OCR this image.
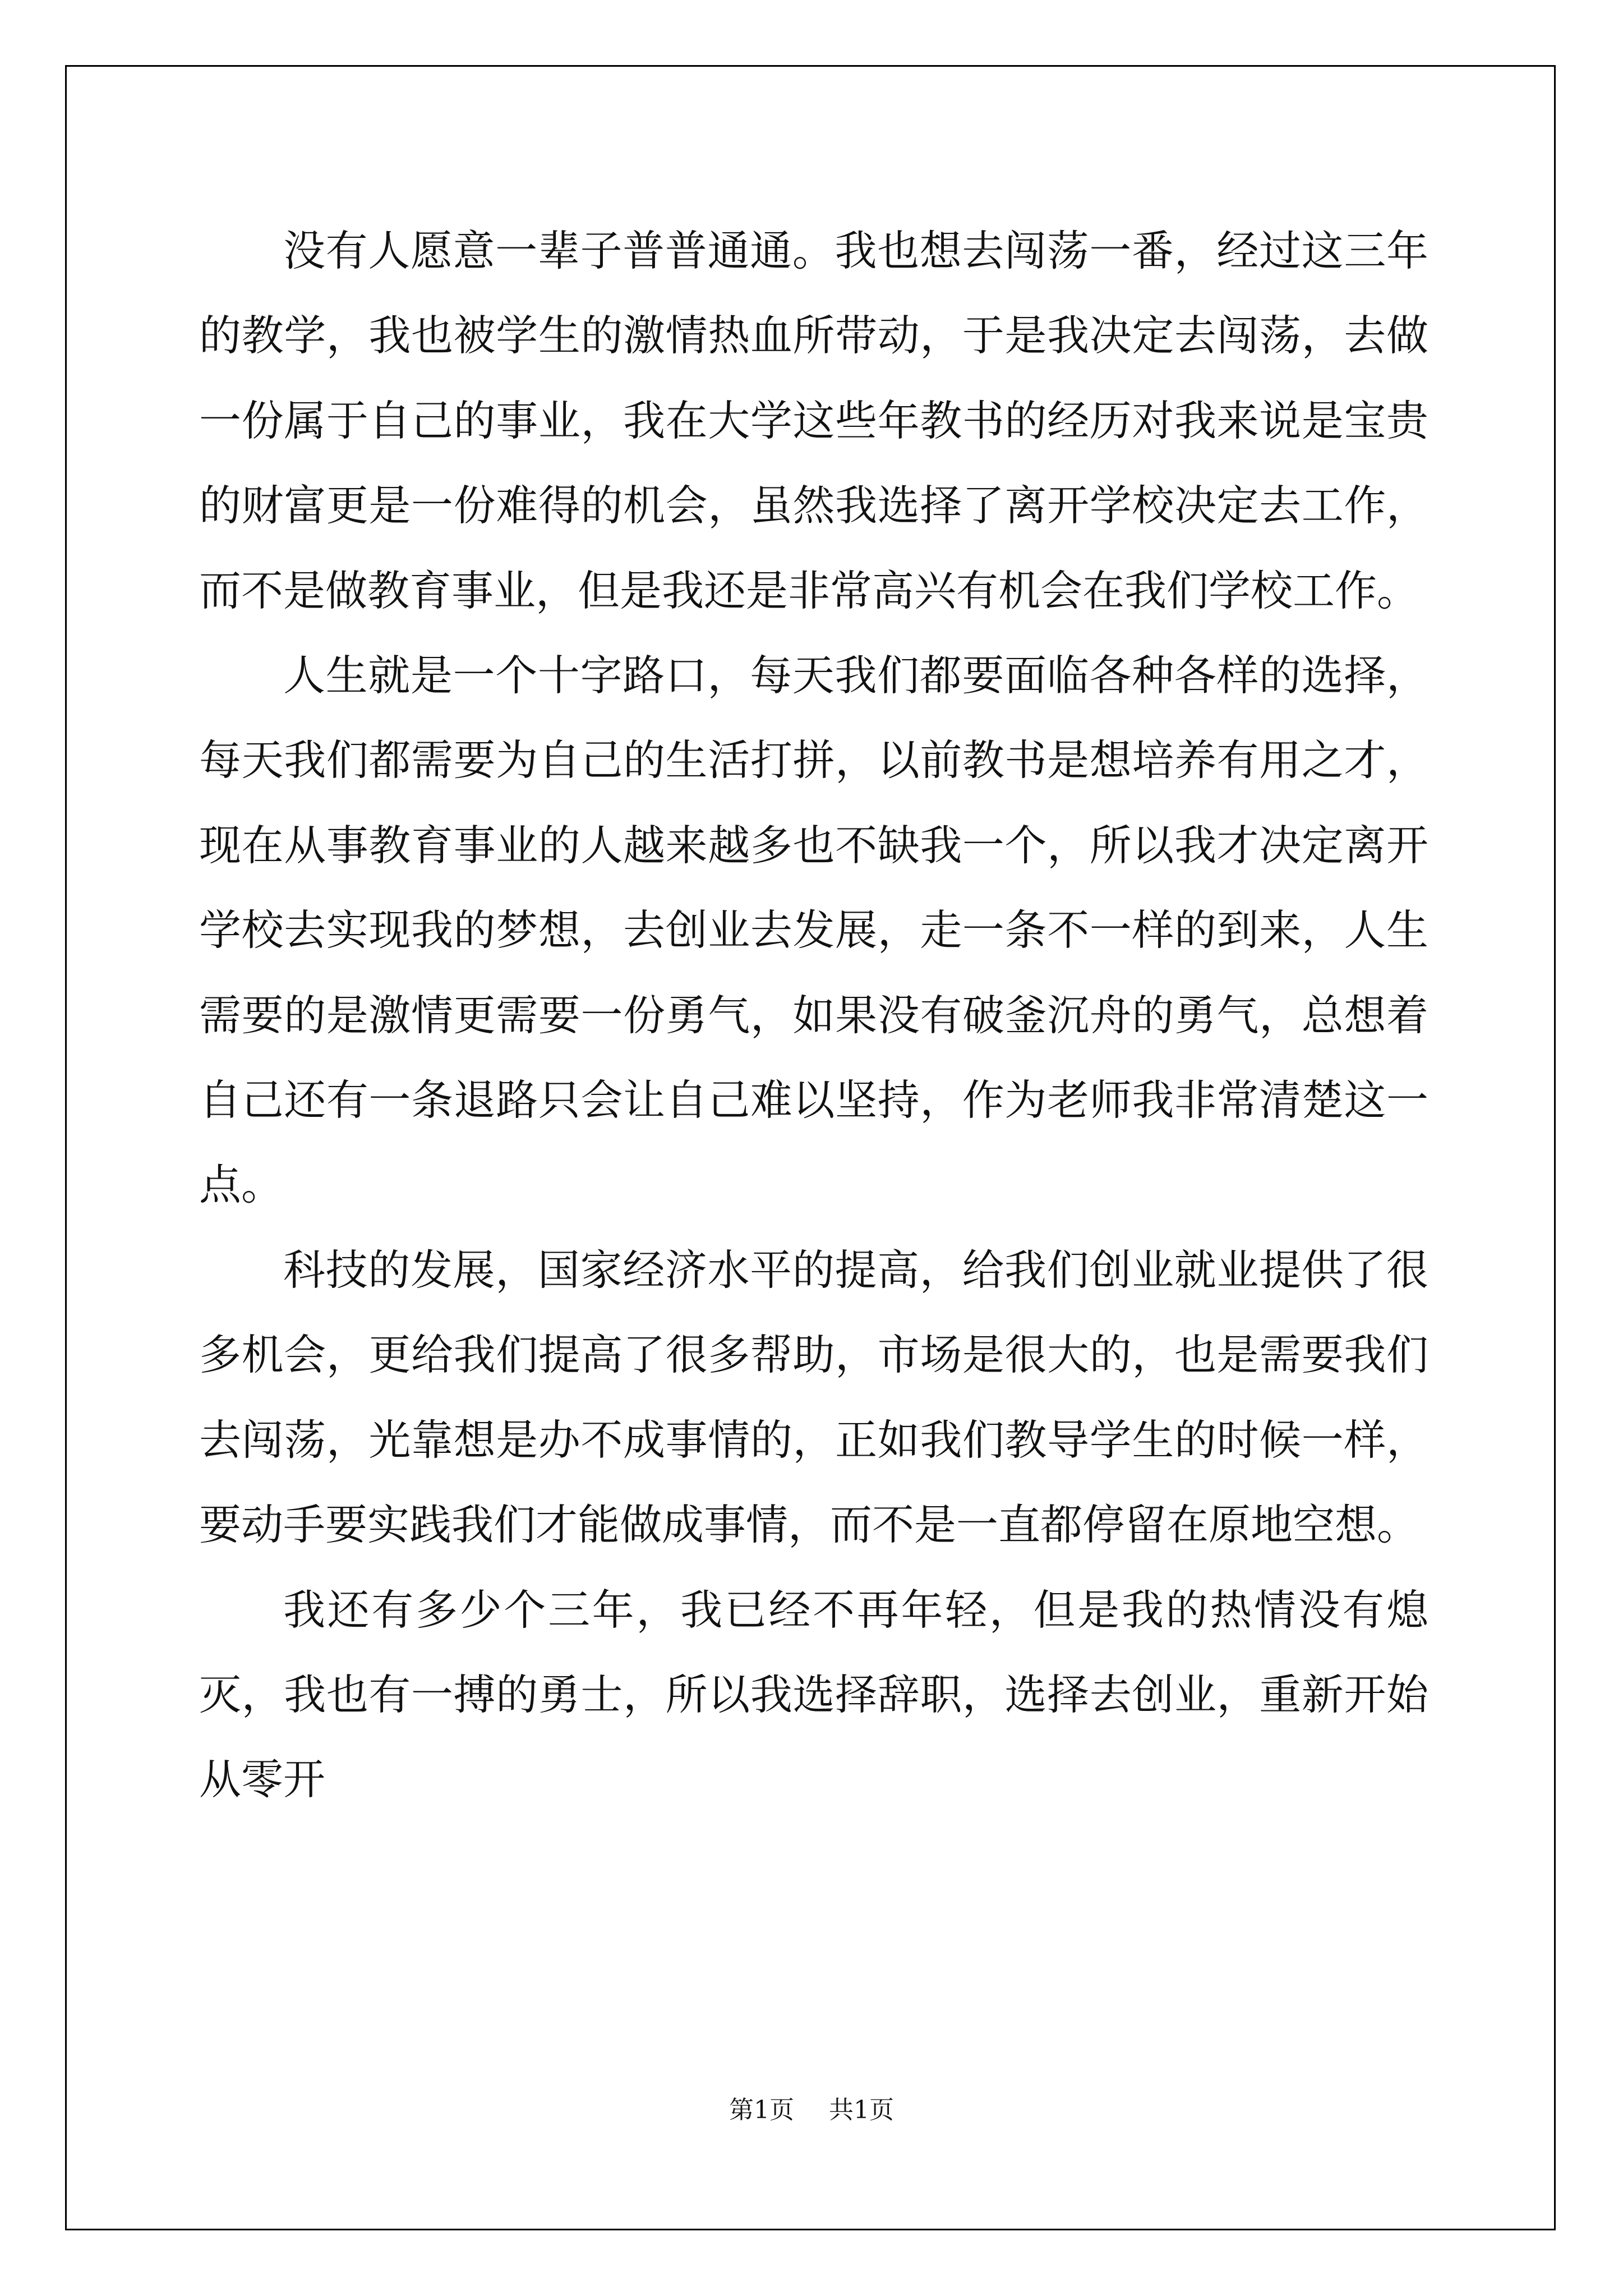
没有人愿意一辈子普普通通。我也想去闯荡一番，经过这三年的教学，我也被学生的激情热血所带动，于是我决定去闯荡，去做一份属于自己的事业，我在大学这些年教书的经历对我来说是宝贵的财富更是一份难得的机会，虽然我选择了离开学校决定去工作，而不是做教育事业，但是我还是非常高兴有机会在我们学校工作。

人生就是一个十字路口，每天我们都要面临各种各样的选择，每天我们都需要为自己的生活打拼，以前教书是想培养有用之才，现在从事教育事业的人越来越多也不缺我一个，所以我才决定离开学校去实现我的梦想，去创业去发展，走一条不一样的到来，人生需要的是激情更需要一份勇气，如果没有破釜沉舟的勇气，总想着自己还有一条退路只会让自己难以坚持，作为老师我非常清楚这一点。

科技的发展，国家经济水平的提高，给我们创业就业提供了很多机会，更给我们提高了很多帮助，市场是很大的，也是需要我们去闯荡，光靠想是办不成事情的，正如我们教导学生的时候一样，要动手要实践我们才能做成事情，而不是一直都停留在原地空想。

我还有多少个三年，我已经不再年轻，但是我的热情没有熄灭，我也有一搏的勇士，所以我选择辞职，选择去创业，重新开始从零开

第1页 共1页
